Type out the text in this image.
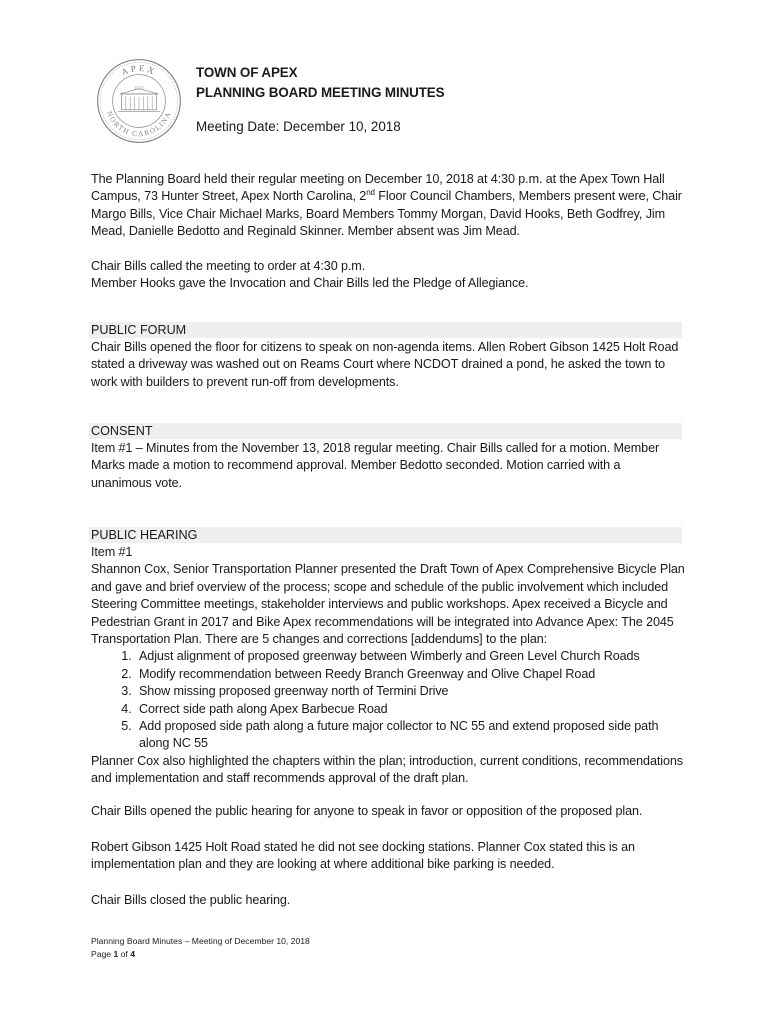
APEX
NORTH CAROLINA
1873
TOWN OF APEX
PLANNING BOARD MEETING MINUTES
Meeting Date: December 10, 2018

The Planning Board held their regular meeting on December 10, 2018 at 4:30 p.m. at the Apex Town Hall Campus, 73 Hunter Street, Apex North Carolina, 2nd Floor Council Chambers, Members present were, Chair Margo Bills, Vice Chair Michael Marks, Board Members Tommy Morgan, David Hooks, Beth Godfrey, Jim Mead, Danielle Bedotto and Reginald Skinner. Member absent was Jim Mead.

Chair Bills called the meeting to order at 4:30 p.m.

Member Hooks gave the Invocation and Chair Bills led the Pledge of Allegiance.

PUBLIC FORUM
Chair Bills opened the floor for citizens to speak on non-agenda items. Allen Robert Gibson 1425 Holt Road stated a driveway was washed out on Reams Court where NCDOT drained a pond, he asked the town to work with builders to prevent run-off from developments.
CONSENT
Item #1 – Minutes from the November 13, 2018 regular meeting. Chair Bills called for a motion. Member Marks made a motion to recommend approval. Member Bedotto seconded. Motion carried with a unanimous vote.
PUBLIC HEARING

Item #1

Shannon Cox, Senior Transportation Planner presented the Draft Town of Apex Comprehensive Bicycle Plan and gave and brief overview of the process; scope and schedule of the public involvement which included Steering Committee meetings, stakeholder interviews and public workshops. Apex received a Bicycle and Pedestrian Grant in 2017 and Bike Apex recommendations will be integrated into Advance Apex: The 2045 Transportation Plan. There are 5 changes and corrections [addendums] to the plan:

1. Adjust alignment of proposed greenway between Wimberly and Green Level Church Roads
2. Modify recommendation between Reedy Branch Greenway and Olive Chapel Road
3. Show missing proposed greenway north of Termini Drive
4. Correct side path along Apex Barbecue Road
5. Add proposed side path along a future major collector to NC 55 and extend proposed side path along NC 55

Planner Cox also highlighted the chapters within the plan; introduction, current conditions, recommendations and implementation and staff recommends approval of the draft plan.

Chair Bills opened the public hearing for anyone to speak in favor or opposition of the proposed plan.
Robert Gibson 1425 Holt Road stated he did not see docking stations. Planner Cox stated this is an implementation plan and they are looking at where additional bike parking is needed.
Chair Bills closed the public hearing.
Planning Board Minutes – Meeting of December 10, 2018
Page 1 of 4
